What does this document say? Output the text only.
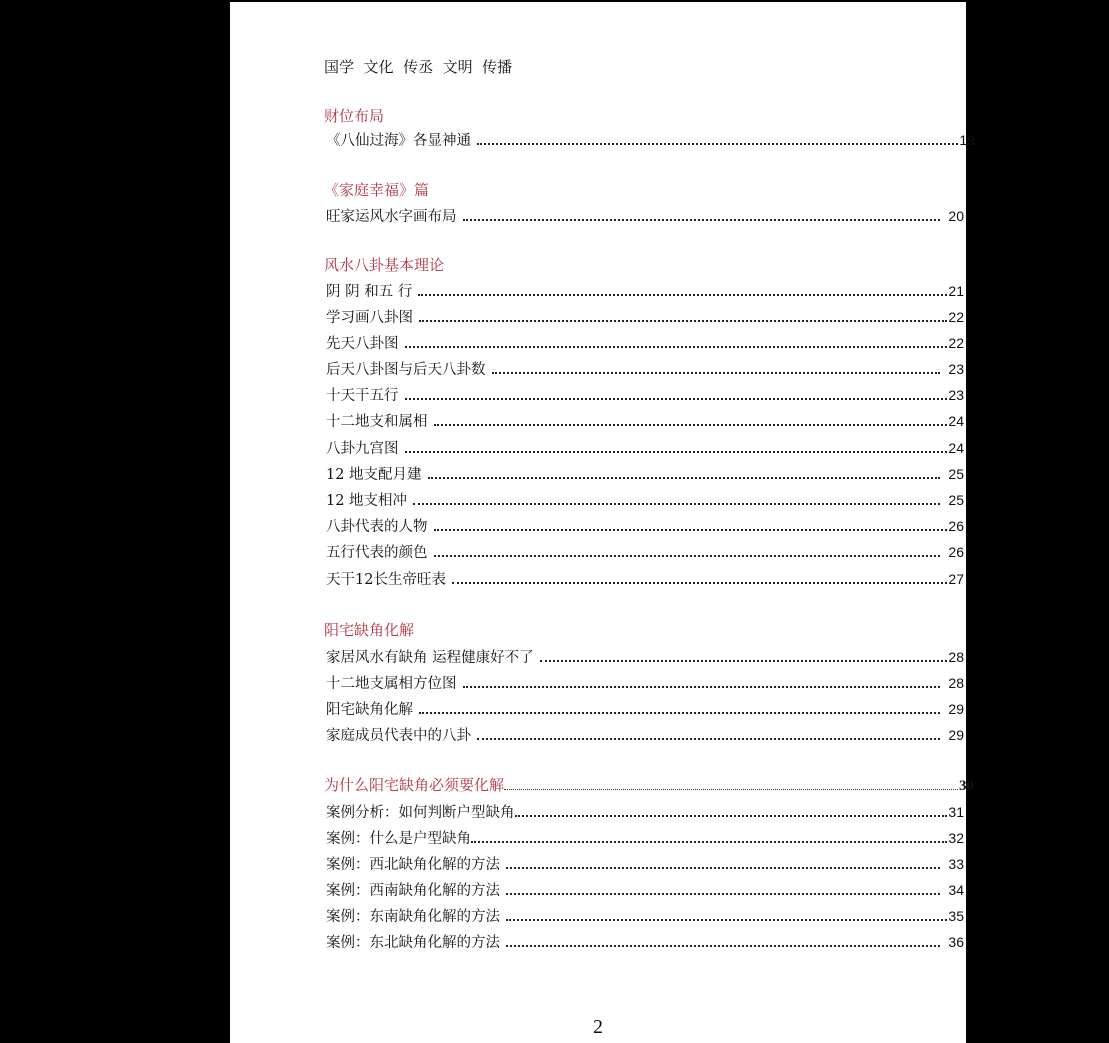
国学  文化  传丞  文明  传播
财位布局
《八仙过海》各显神通	19
《家庭幸福》篇
旺家运风水字画布局	20
风水八卦基本理论
阴 阴 和五 行	21
学习画八卦图	22
先天八卦图	22
后天八卦图与后天八卦数	23
十天干五行	23
十二地支和属相	24
八卦九宫图	24
12 地支配月建	25
12 地支相冲	25
八卦代表的人物	26
五行代表的颜色	26
天干12长生帝旺表	27
阳宅缺角化解
家居风水有缺角 运程健康好不了	28
十二地支属相方位图	28
阳宅缺角化解	29
家庭成员代表中的八卦	29
为什么阳宅缺角必须要化解	30
案例分析：如何判断户型缺角	31
案例：什么是户型缺角	32
案例：西北缺角化解的方法	33
案例：西南缺角化解的方法	34
案例：东南缺角化解的方法	35
案例：东北缺角化解的方法	36
2
